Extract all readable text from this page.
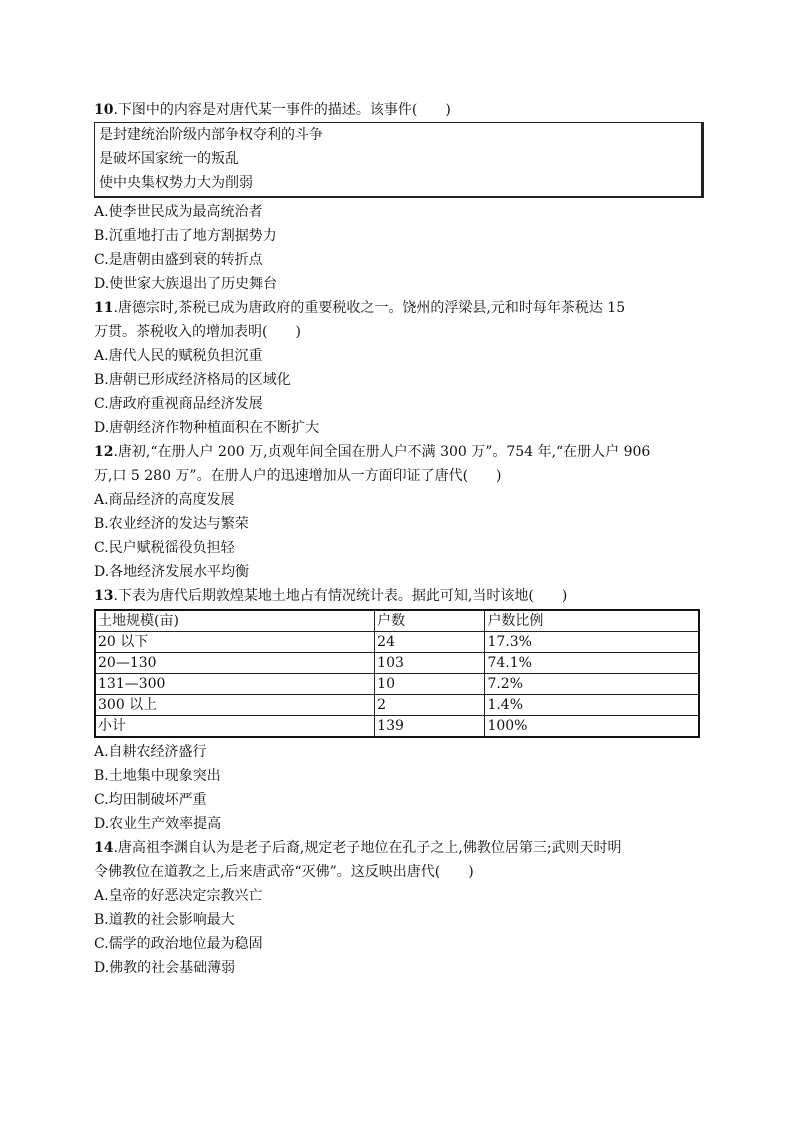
10.下图中的内容是对唐代某一事件的描述。该事件(　　)
是封建统治阶级内部争权夺利的斗争
是破坏国家统一的叛乱
使中央集权势力大为削弱
A.使李世民成为最高统治者
B.沉重地打击了地方割据势力
C.是唐朝由盛到衰的转折点
D.使世家大族退出了历史舞台
11.唐德宗时,茶税已成为唐政府的重要税收之一。饶州的浮梁县,元和时每年茶税达 15
万贯。茶税收入的增加表明(　　)
A.唐代人民的赋税负担沉重
B.唐朝已形成经济格局的区域化
C.唐政府重视商品经济发展
D.唐朝经济作物种植面积在不断扩大
12.唐初,“在册人户 200 万,贞观年间全国在册人户不满 300 万”。754 年,“在册人户 906
万,口 5 280 万”。在册人户的迅速增加从一方面印证了唐代(　　)
A.商品经济的高度发展
B.农业经济的发达与繁荣
C.民户赋税徭役负担轻
D.各地经济发展水平均衡
13.下表为唐代后期敦煌某地土地占有情况统计表。据此可知,当时该地(　　)
土地规模(亩)	户数	户数比例
20 以下	24	17.3%
20—130	103	74.1%
131—300	10	7.2%
300 以上	2	1.4%
小计	139	100%
A.自耕农经济盛行
B.土地集中现象突出
C.均田制破坏严重
D.农业生产效率提高
14.唐高祖李渊自认为是老子后裔,规定老子地位在孔子之上,佛教位居第三;武则天时明
令佛教位在道教之上,后来唐武帝“灭佛”。这反映出唐代(　　)
A.皇帝的好恶决定宗教兴亡
B.道教的社会影响最大
C.儒学的政治地位最为稳固
D.佛教的社会基础薄弱
